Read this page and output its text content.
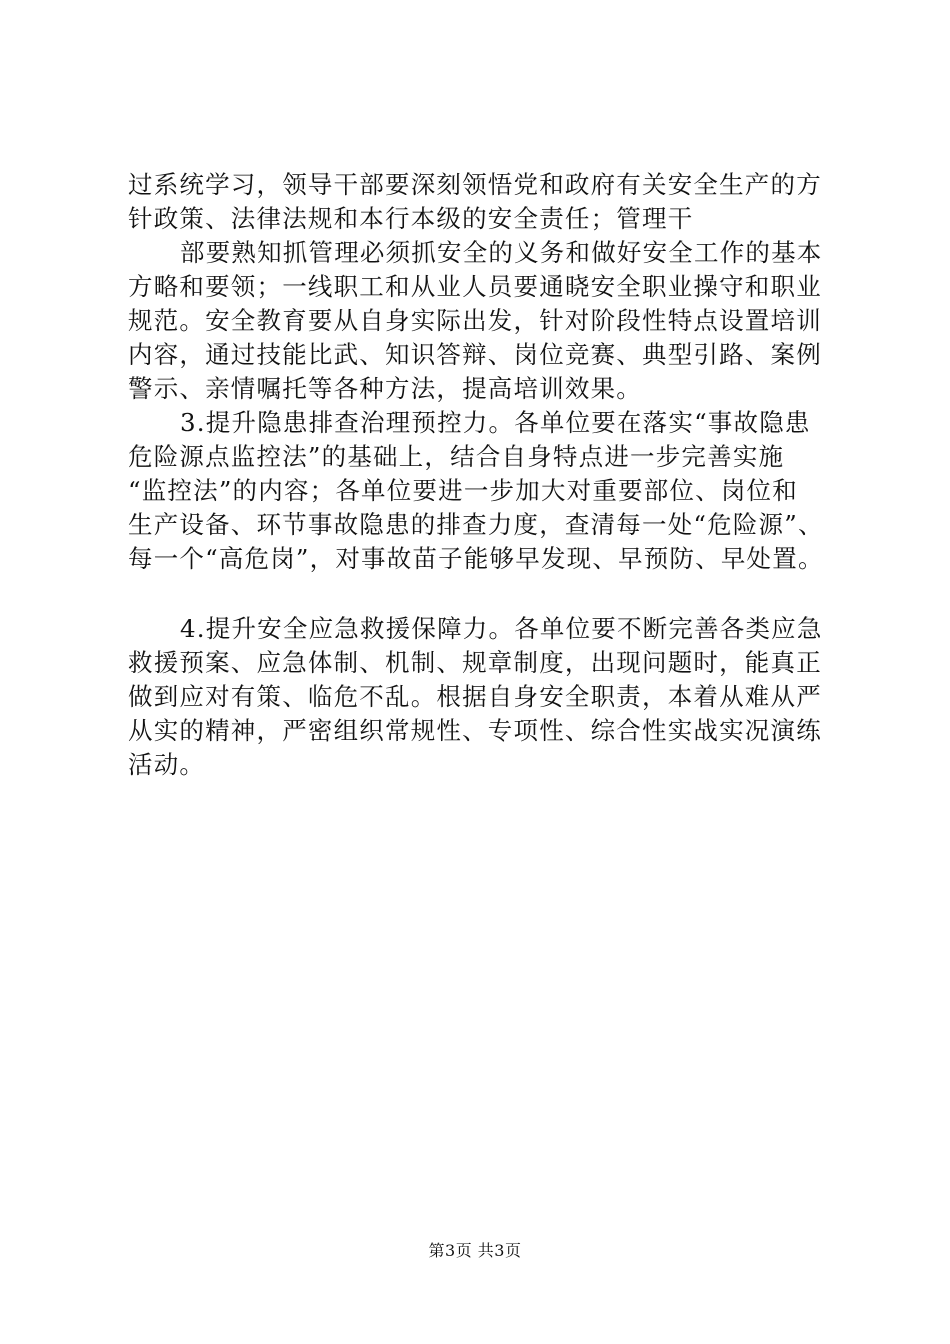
过系统学习，领导干部要深刻领悟党和政府有关安全生产的方
针政策、法律法规和本行本级的安全责任；管理干
部要熟知抓管理必须抓安全的义务和做好安全工作的基本
方略和要领；一线职工和从业人员要通晓安全职业操守和职业
规范。安全教育要从自身实际出发，针对阶段性特点设置培训
内容，通过技能比武、知识答辩、岗位竞赛、典型引路、案例
警示、亲情嘱托等各种方法，提高培训效果。
3.提升隐患排查治理预控力。各单位要在落实“事故隐患
危险源点监控法”的基础上，结合自身特点进一步完善实施
“监控法”的内容；各单位要进一步加大对重要部位、岗位和
生产设备、环节事故隐患的排查力度，查清每一处“危险源”、
每一个“高危岗”，对事故苗子能够早发现、早预防、早处置。
4.提升安全应急救援保障力。各单位要不断完善各类应急
救援预案、应急体制、机制、规章制度，出现问题时，能真正
做到应对有策、临危不乱。根据自身安全职责，本着从难从严
从实的精神，严密组织常规性、专项性、综合性实战实况演练
活动。
第3页 共3页
